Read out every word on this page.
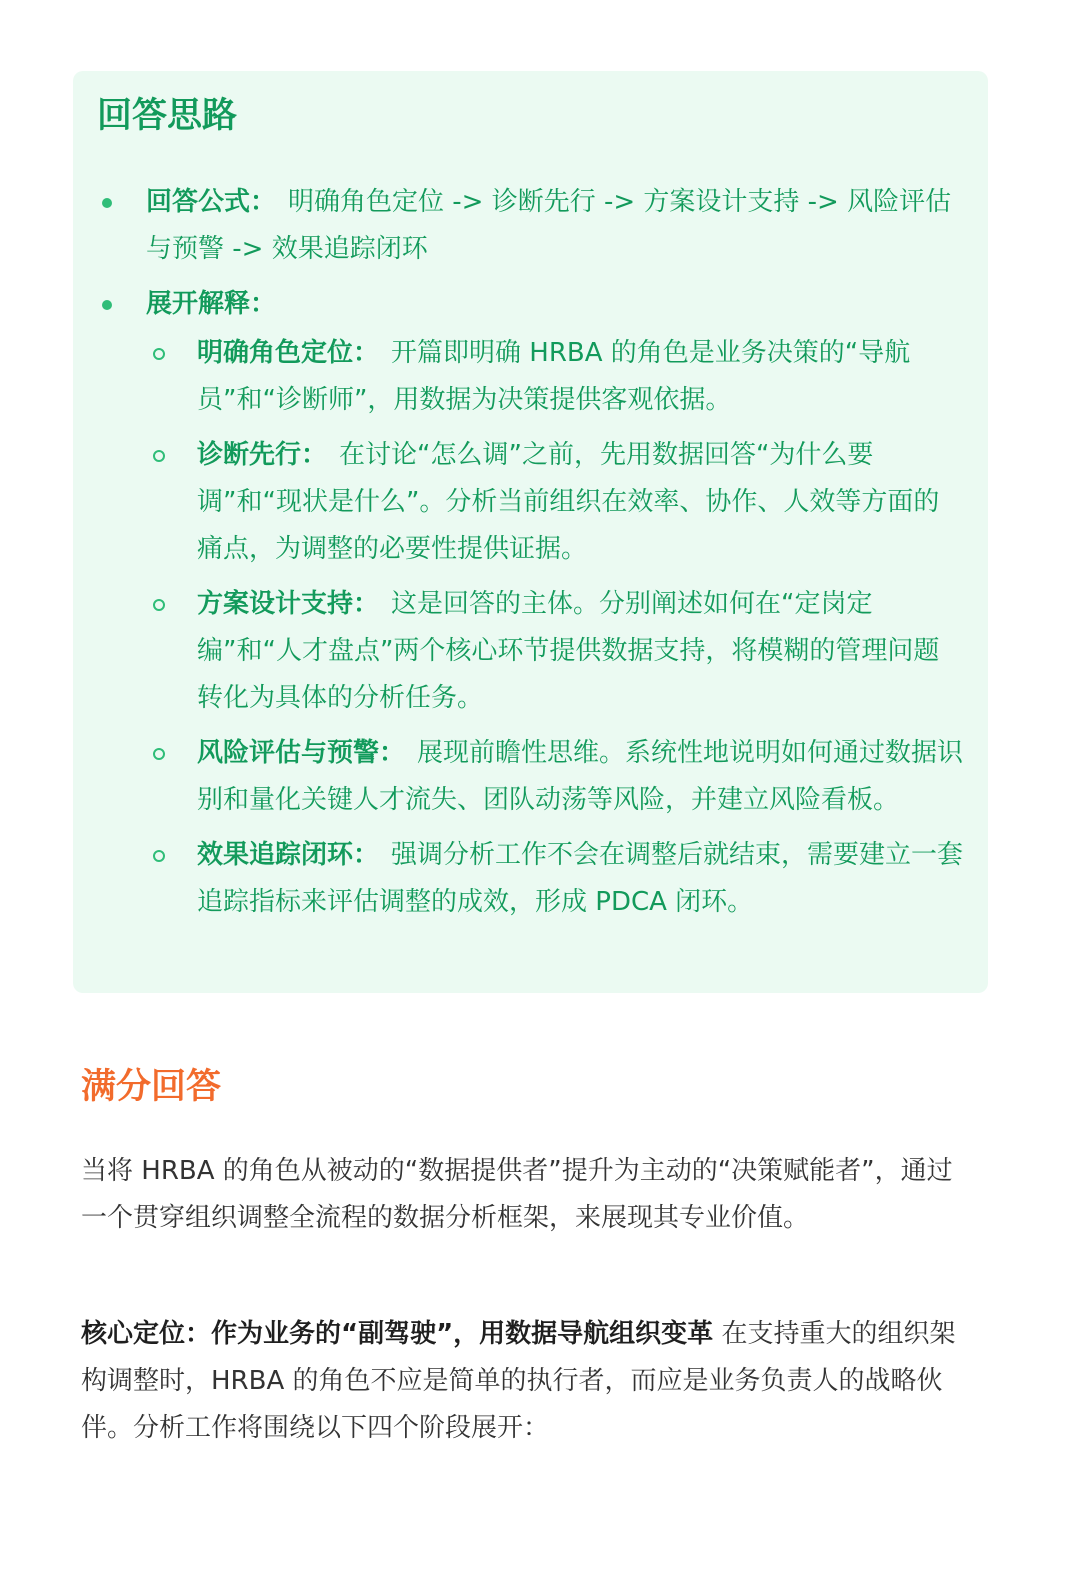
回答思路
回答公式： 明确角色定位 -> 诊断先行 -> 方案设计支持 -> 风险评估与预警 -> 效果追踪闭环
展开解释：
明确角色定位： 开篇即明确 HRBA 的角色是业务决策的“导航员”和“诊断师”，用数据为决策提供客观依据。
诊断先行： 在讨论“怎么调”之前，先用数据回答“为什么要调”和“现状是什么”。分析当前组织在效率、协作、人效等方面的痛点，为调整的必要性提供证据。
方案设计支持： 这是回答的主体。分别阐述如何在“定岗定编”和“人才盘点”两个核心环节提供数据支持，将模糊的管理问题转化为具体的分析任务。
风险评估与预警： 展现前瞻性思维。系统性地说明如何通过数据识别和量化关键人才流失、团队动荡等风险，并建立风险看板。
效果追踪闭环： 强调分析工作不会在调整后就结束，需要建立一套追踪指标来评估调整的成效，形成 PDCA 闭环。
满分回答

当将 HRBA 的角色从被动的“数据提供者”提升为主动的“决策赋能者”，通过一个贯穿组织调整全流程的数据分析框架，来展现其专业价值。

核心定位：作为业务的“副驾驶”，用数据导航组织变革 在支持重大的组织架构调整时，HRBA 的角色不应是简单的执行者，而应是业务负责人的战略伙伴。分析工作将围绕以下四个阶段展开：
